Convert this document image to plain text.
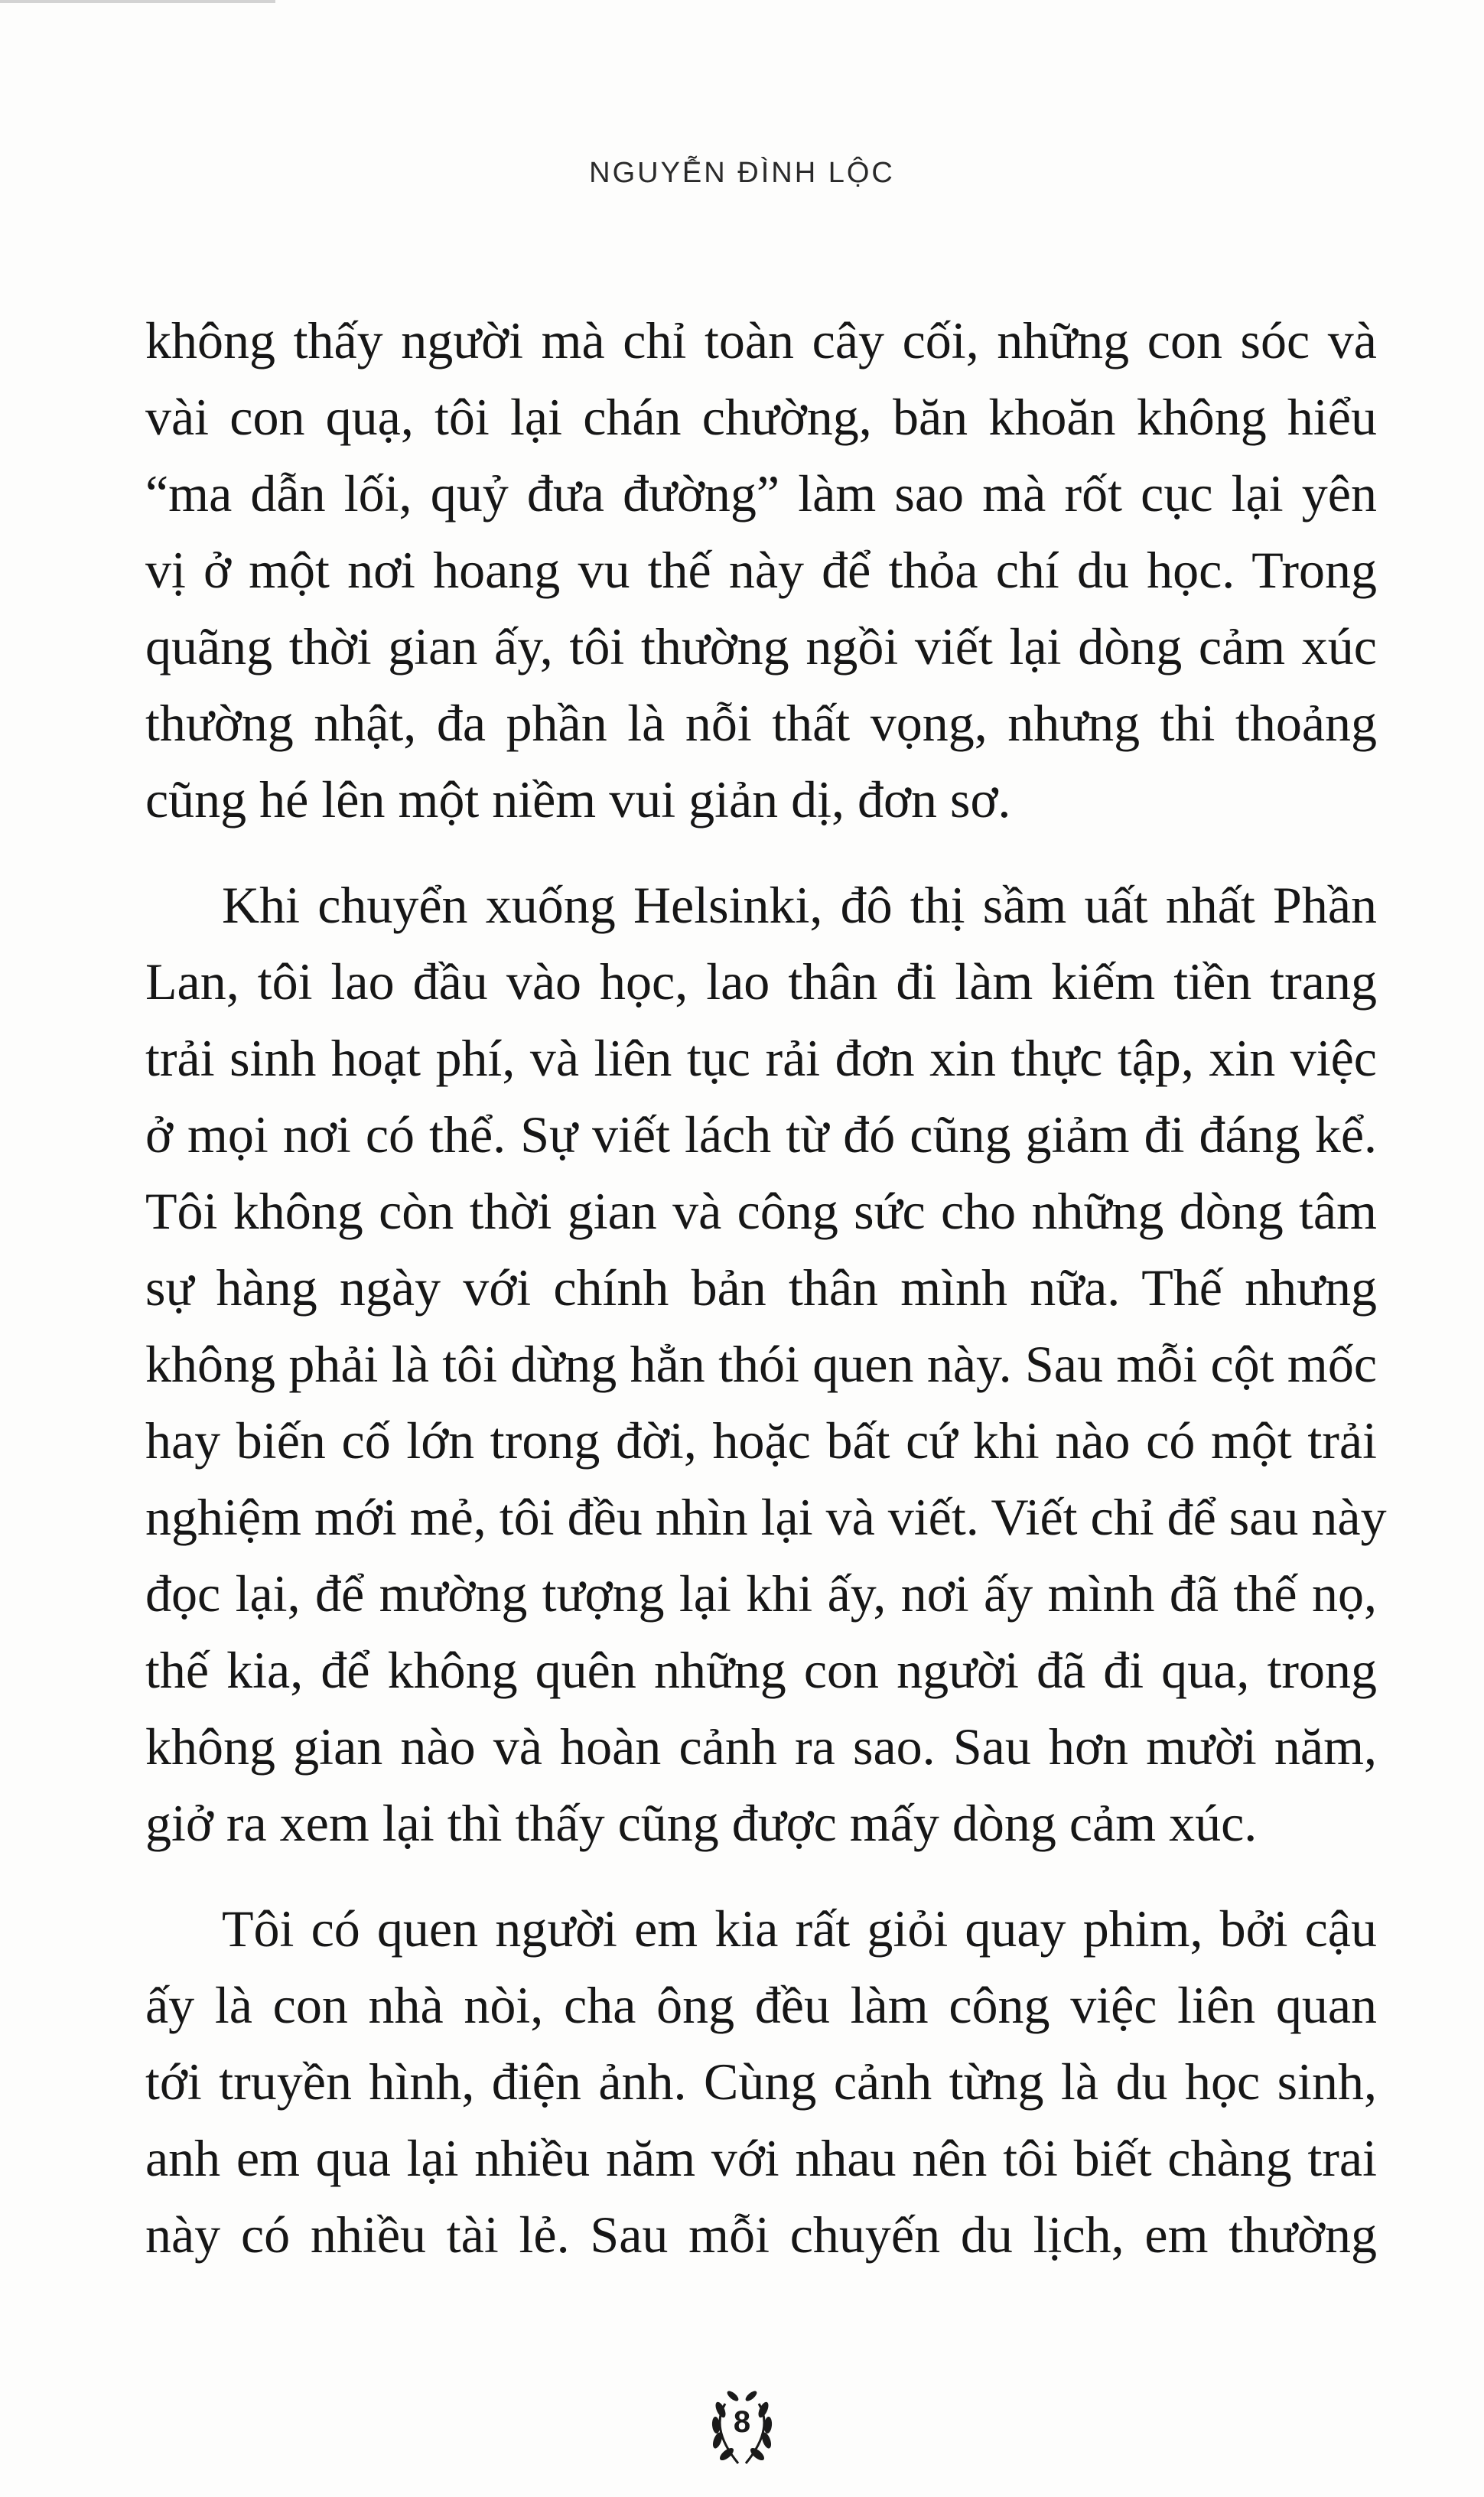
NGUYỄN ĐÌNH LỘC

không thấy người mà chỉ toàn cây cối, những con sóc và
vài con quạ, tôi lại chán chường, băn khoăn không hiểu
“ma dẫn lối, quỷ đưa đường” làm sao mà rốt cục lại yên
vị ở một nơi hoang vu thế này để thỏa chí du học. Trong
quãng thời gian ấy, tôi thường ngồi viết lại dòng cảm xúc
thường nhật, đa phần là nỗi thất vọng, nhưng thi thoảng
cũng hé lên một niềm vui giản dị, đơn sơ.

Khi chuyển xuống Helsinki, đô thị sầm uất nhất Phần
Lan, tôi lao đầu vào học, lao thân đi làm kiếm tiền trang
trải sinh hoạt phí, và liên tục rải đơn xin thực tập, xin việc
ở mọi nơi có thể. Sự viết lách từ đó cũng giảm đi đáng kể.
Tôi không còn thời gian và công sức cho những dòng tâm
sự hàng ngày với chính bản thân mình nữa. Thế nhưng
không phải là tôi dừng hẳn thói quen này. Sau mỗi cột mốc
hay biến cố lớn trong đời, hoặc bất cứ khi nào có một trải
nghiệm mới mẻ, tôi đều nhìn lại và viết. Viết chỉ để sau này
đọc lại, để mường tượng lại khi ấy, nơi ấy mình đã thế nọ,
thế kia, để không quên những con người đã đi qua, trong
không gian nào và hoàn cảnh ra sao. Sau hơn mười năm,
giở ra xem lại thì thấy cũng được mấy dòng cảm xúc.

Tôi có quen người em kia rất giỏi quay phim, bởi cậu
ấy là con nhà nòi, cha ông đều làm công việc liên quan
tới truyền hình, điện ảnh. Cùng cảnh từng là du học sinh,
anh em qua lại nhiều năm với nhau nên tôi biết chàng trai
này có nhiều tài lẻ. Sau mỗi chuyến du lịch, em thường

8
